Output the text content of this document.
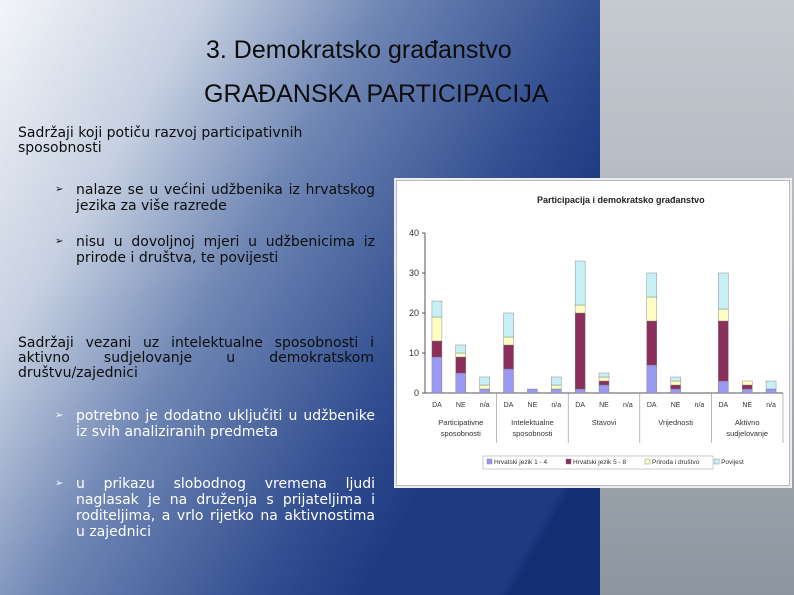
3. Demokratsko građanstvo
GRAĐANSKA PARTICIPACIJA
Sadržaji koji potiču razvoj participativnih sposobnosti
➢ nalaze se u većini udžbenika iz hrvatskog jezika za više razrede
➢ nisu u dovoljnoj mjeri u udžbenicima iz prirode i društva, te povijesti
Sadržaji vezani uz intelektualne sposobnosti i aktivno sudjelovanje u demokratskom društvu/zajednici
➢ potrebno je dodatno uključiti u udžbenike iz svih analiziranih predmeta
➢ u prikazu slobodnog vremena ljudi naglasak je na druženja s prijateljima i roditeljima, a vrlo rijetko na aktivnostima u zajednici
Participacija i demokratsko građanstvo
0
10
20
30
40
DA NE n/a DA NE n/a DA NE n/a DA NE n/a DA NE n/a
Participativne
sposobnosti
Intelektualne
sposobnosti
Stavovi	Vrijednosti	Aktivno
sudjelovanje
Hrvatski jezik 1 - 4	Hrvatski jezik 5 - 8	Priroda i društvo	Povijest
